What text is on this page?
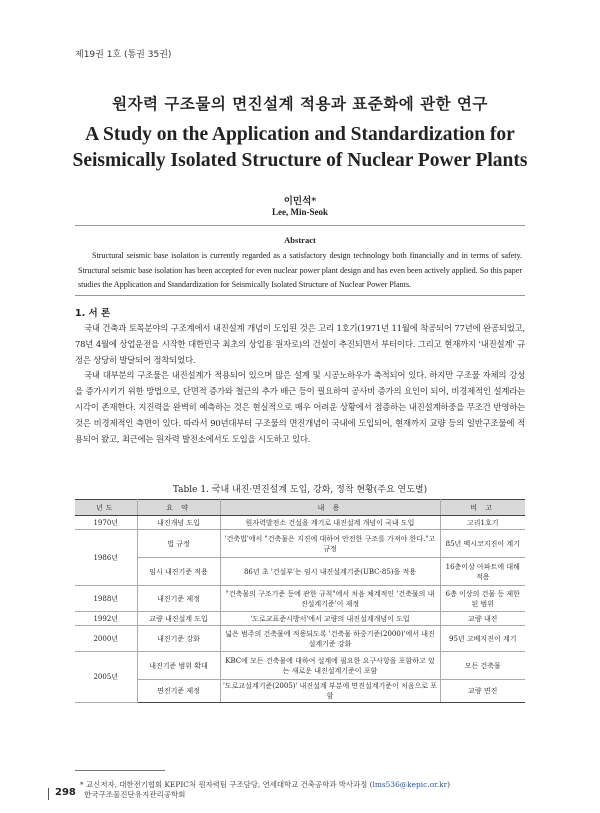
제19권 1호 (통권 35권)
원자력 구조물의 면진설계 적용과 표준화에 관한 연구
A Study on the Application and Standardization for
Seismically Isolated Structure of Nuclear Power Plants
이민석*
Lee, Min-Seok
Abstract
Structural seismic base isolation is currently regarded as a satisfactory design technology both financially and in terms of safety. Structural seismic base isolation has been accepted for even nuclear power plant design and has even been actively applied. So this paper studies the Application and Standardization for Seismically Isolated Structure of Nuclear Power Plants.
1. 서 론

국내 건축과 토목분야의 구조계에서 내진설계 개념이 도입된 것은 고리 1호기(1971년 11월에 착공되어 77년에 완공되었고, 78년 4월에 상업운전을 시작한 대한민국 최초의 상업용 원자로)의 건설이 추진되면서 부터이다. 그리고 현재까지 '내진설계' 규정은 상당히 발달되어 정착되었다.

국내 대부분의 구조물은 내진설계가 적용되어 있으며 많은 설계 및 시공노하우가 축적되어 있다. 하지만 구조물 자체의 강성을 증가시키기 위한 방법으로, 단면적 증가와 철근의 추가 배근 등이 필요하여 공사비 증가의 요인이 되어, 비경제적인 설계라는 시각이 존재한다. 지진력을 완벽히 예측하는 것은 현실적으로 매우 어려운 상황에서 점증하는 내진설계하중을 무조건 반영하는 것은 비경제적인 측면이 있다. 따라서 90년대부터 구조물의 면진개념이 국내에 도입되어, 현재까지 교량 등의 일반구조물에 적용되어 왔고, 최근에는 원자력 발전소에서도 도입을 시도하고 있다.

Table 1. 국내 내진·면진설계 도입, 강화, 정착 현황(주요 연도별)
년도	요 약	내 용	비 고
1970년	내진개념 도입	원자력발전소 건설을 계기로 내진설계 개념이 국내 도입	고리1호기
1986년	법 규정	'건축법'에서 "건축물은 지진에 대하여 안전한 구조를 가져야 한다."고 규정	85년 멕시코지진이 계기
	임시 내진기준 적용	86년 초 '건설부'는 임시 내진설계기준(UBC-85)을 적용	16층이상 아파트에 대해 적용
1988년	내진기준 제정	"건축물의 구조기준 등에 관한 규칙"에서 처음 체계적인 '건축물의 내진설계기준'이 제정	6층 이상의 건물 등 제한된 범위
1992년	교량 내진설계 도입	'도로교표준시방서'에서 교량의 내진설계개념이 도입	교량 내진
2000년	내진기준 강화	넓은 범주의 건축물에 적용되도록 '건축물 하중기준(2000)'에서 내진설계기준 강화	95년 고베지진이 계기
2005년	내진기준 범위 확대	KBC에 모든 건축물에 대하여 설계에 필요한 요구사항을 포함하고 있는 새로운 내진설계기준이 포함	모든 건축물
	면진기준 제정	'도로교설계기준(2005)' 내진설계 부분에 면진설계기준이 처음으로 포함	교량 면진
* 교신저자, 대한전기협회 KEPIC처 원자력팀 구조담당, 연세대학교 건축공학과 박사과정 (lms536@kepic.or.kr)
298 한국구조물진단유지관리공학회
